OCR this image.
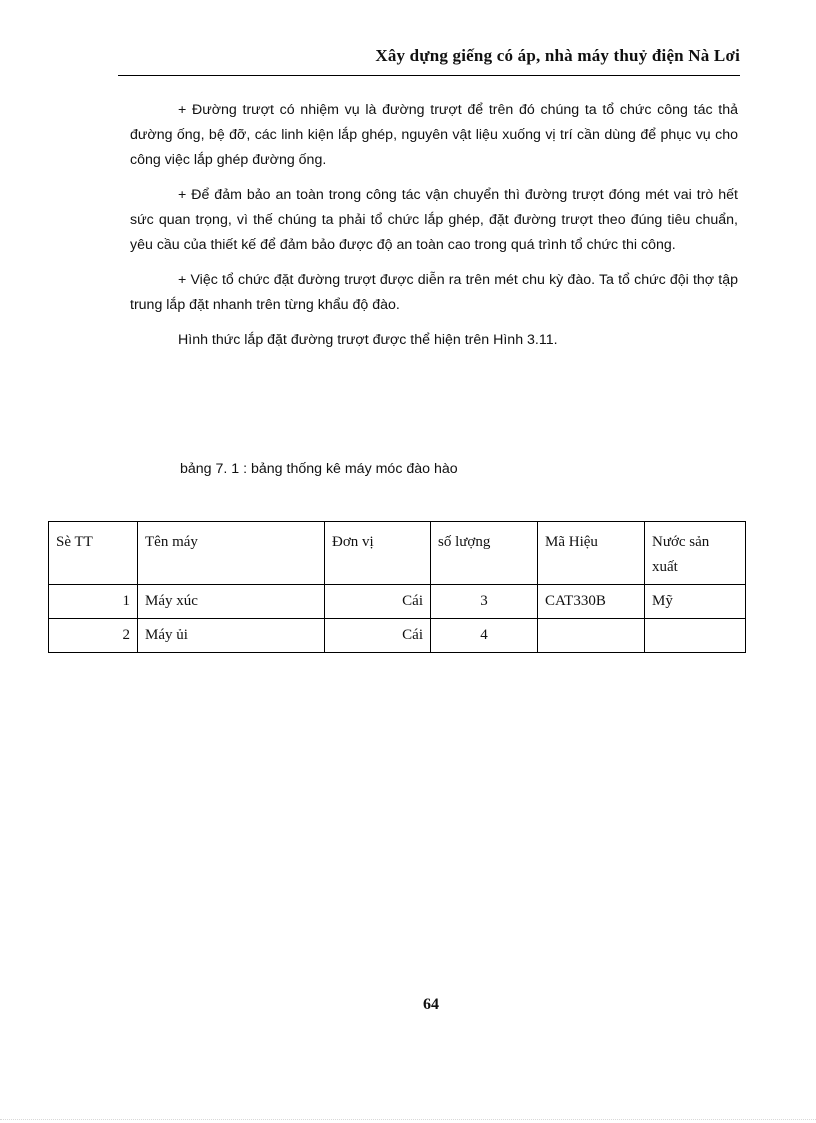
Xây dựng giếng có áp, nhà máy thuỷ điện Nà Lơi

+ Đường trượt có nhiệm vụ là đường trượt để trên đó chúng ta tổ chức công tác thả đường ống, bệ đỡ, các linh kiện lắp ghép, nguyên vật liệu xuống vị trí cần dùng để phục vụ cho công việc lắp ghép đường ống.

+ Để đảm bảo an toàn trong công tác vận chuyển thì đường trượt đóng mét vai trò hết sức quan trọng, vì thế chúng ta phải tổ chức lắp ghép, đặt đường trượt theo đúng tiêu chuẩn, yêu cầu của thiết kế để đảm bảo được độ an toàn cao trong quá trình tổ chức thi công.

+ Việc tổ chức đặt đường trượt được diễn ra trên mét chu kỳ đào. Ta tổ chức đội thợ tập trung lắp đặt nhanh trên từng khẩu độ đào.

Hình thức lắp đặt đường trượt được thể hiện trên Hình 3.11.

bảng 7. 1 : bảng thống kê máy móc đào hào
Sè TT	Tên máy	Đơn vị	số lượng	Mã Hiệu	Nước sản xuất
1	Máy xúc	Cái	3	CAT330B	Mỹ
2	Máy ủi	Cái	4		
64
